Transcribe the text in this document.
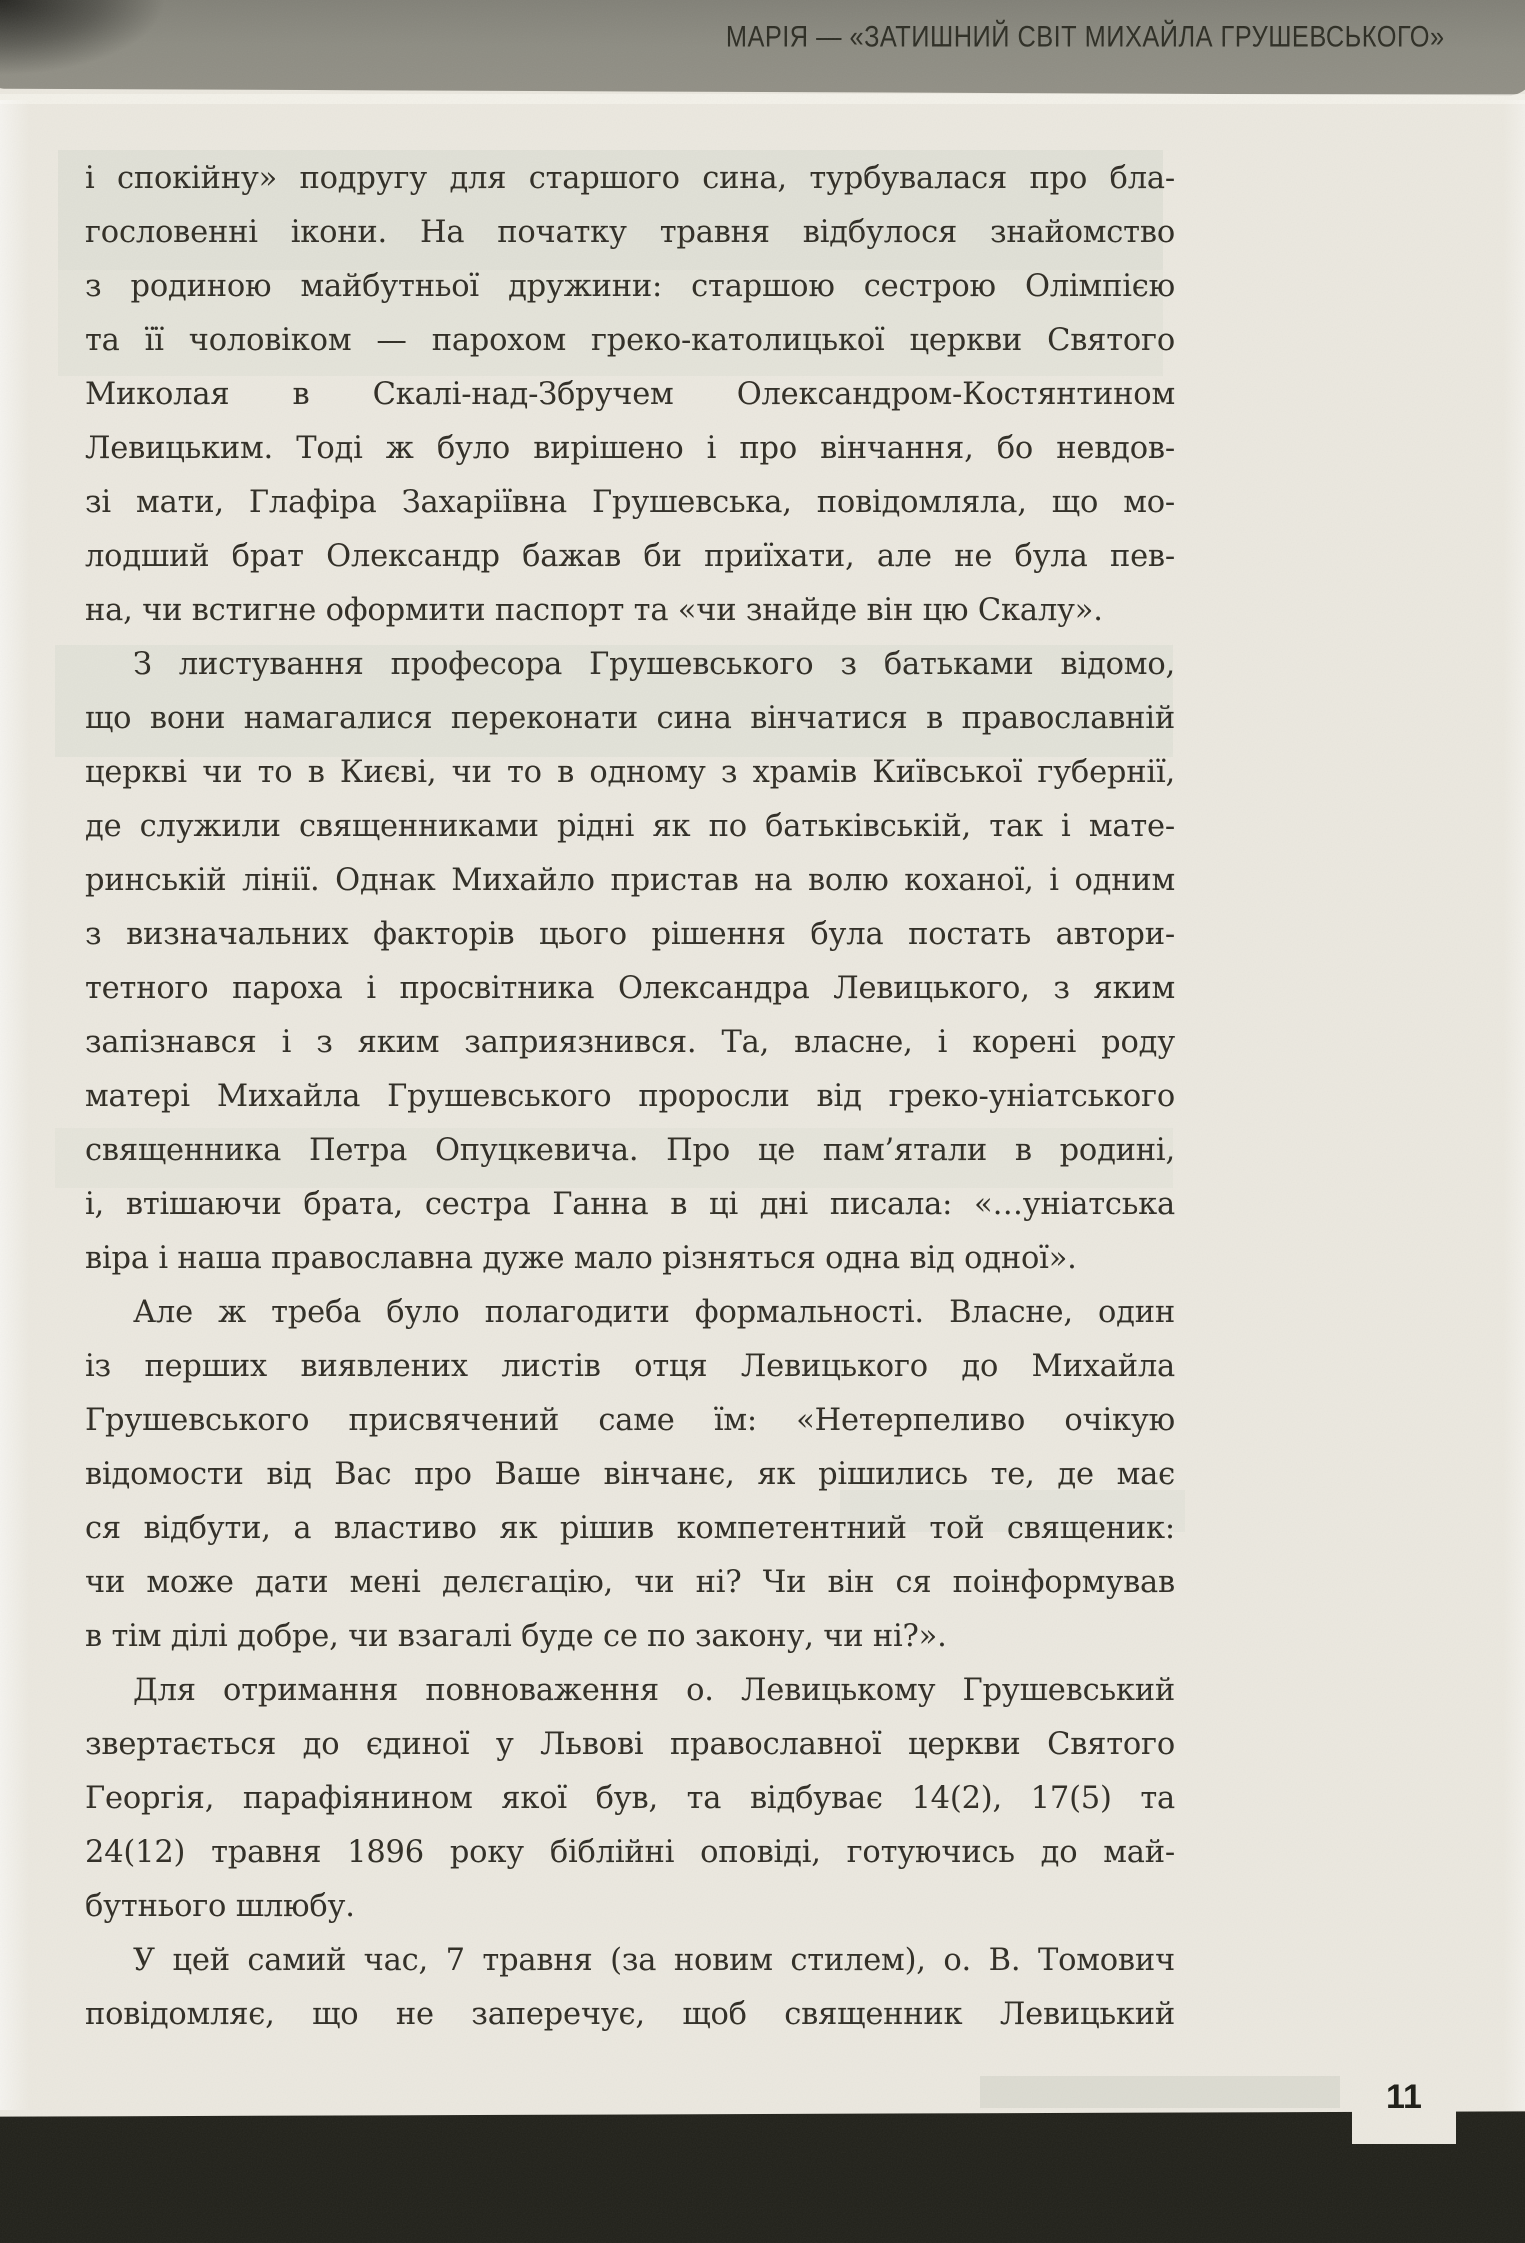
МАРІЯ — «ЗАТИШНИЙ СВІТ МИХАЙЛА ГРУШЕВСЬКОГО»
і спокійну» подругу для старшого сина, турбувалася про бла-
гословенні ікони. На початку травня відбулося знайомство
з родиною майбутньої дружини: старшою сестрою Олімпією
та її чоловіком — парохом греко-католицької церкви Святого
Миколая в Скалі-над-Збручем Олександром-Костянтином
Левицьким. Тоді ж було вирішено і про вінчання, бо невдов-
зі мати, Глафіра Захаріївна Грушевська, повідомляла, що мо-
лодший брат Олександр бажав би приїхати, але не була пев-
на, чи встигне оформити паспорт та «чи знайде він цю Скалу».
З листування професора Грушевського з батьками відомо,
що вони намагалися переконати сина вінчатися в православній
церкві чи то в Києві, чи то в одному з храмів Київської губернії,
де служили священниками рідні як по батьківській, так і мате-
ринській лінії. Однак Михайло пристав на волю коханої, і одним
з визначальних факторів цього рішення була постать автори-
тетного пароха і просвітника Олександра Левицького, з яким
запізнався і з яким заприязнився. Та, власне, і корені роду
матері Михайла Грушевського проросли від греко-уніатського
священника Петра Опуцкевича. Про це пам’ятали в родині,
і, втішаючи брата, сестра Ганна в ці дні писала: «…уніатська
віра і наша православна дуже мало різняться одна від одної».
Але ж треба було полагодити формальності. Власне, один
із перших виявлених листів отця Левицького до Михайла
Грушевського присвячений саме їм: «Нетерпеливо очікую
відомости від Вас про Ваше вінчанє, як рішились те, де має
ся відбути, а властиво як рішив компетентний той священик:
чи може дати мені делєгацію, чи ні? Чи він ся поінформував
в тім ділі добре, чи взагалі буде се по закону, чи ні?».
Для отримання повноваження о. Левицькому Грушевський
звертається до єдиної у Львові православної церкви Святого
Георгія, парафіянином якої був, та відбуває 14(2), 17(5) та
24(12) травня 1896 року біблійні оповіді, готуючись до май-
бутнього шлюбу.
У цей самий час, 7 травня (за новим стилем), о. В. Томович
повідомляє, що не заперечує, щоб священник Левицький
11
